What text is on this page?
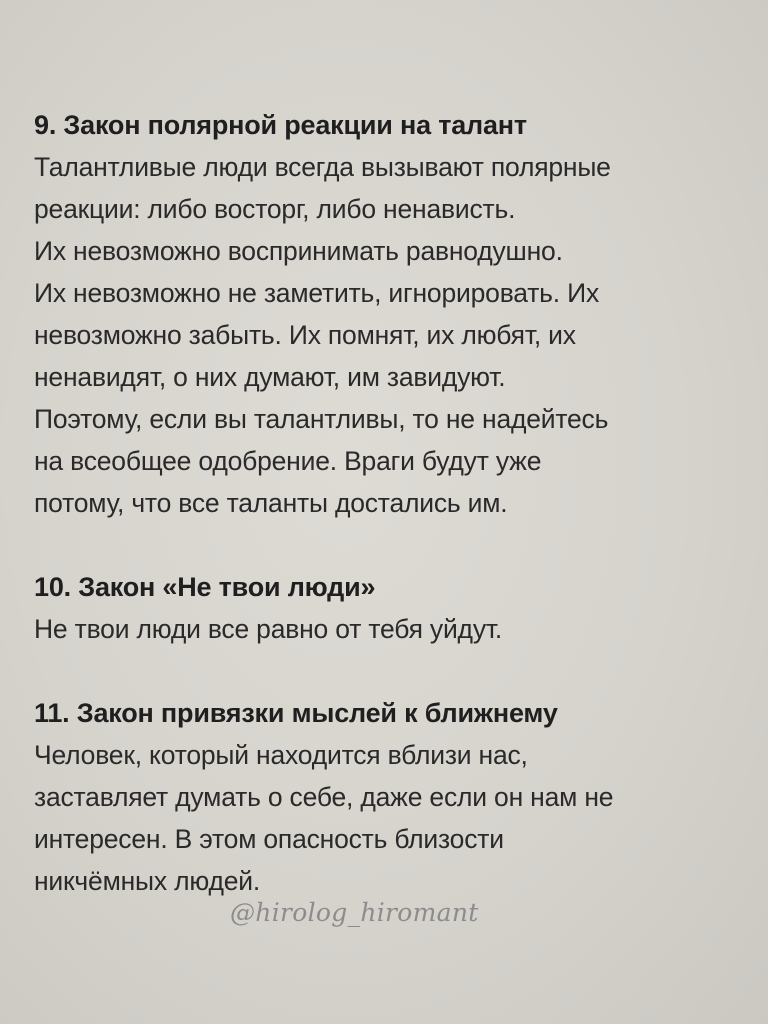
9. Закон полярной реакции на талант
Талантливые люди всегда вызывают полярные
реакции: либо восторг, либо ненависть.
Их невозможно воспринимать равнодушно.
Их невозможно не заметить, игнорировать. Их
невозможно забыть. Их помнят, их любят, их
ненавидят, о них думают, им завидуют.
Поэтому, если вы талантливы, то не надейтесь
на всеобщее одобрение. Враги будут уже
потому, что все таланты достались им.
10. Закон «Не твои люди»
Не твои люди все равно от тебя уйдут.
11. Закон привязки мыслей к ближнему
Человек, который находится вблизи нас,
заставляет думать о себе, даже если он нам не
интересен. В этом опасность близости
никчёмных людей.
@hirolog_hiromant
